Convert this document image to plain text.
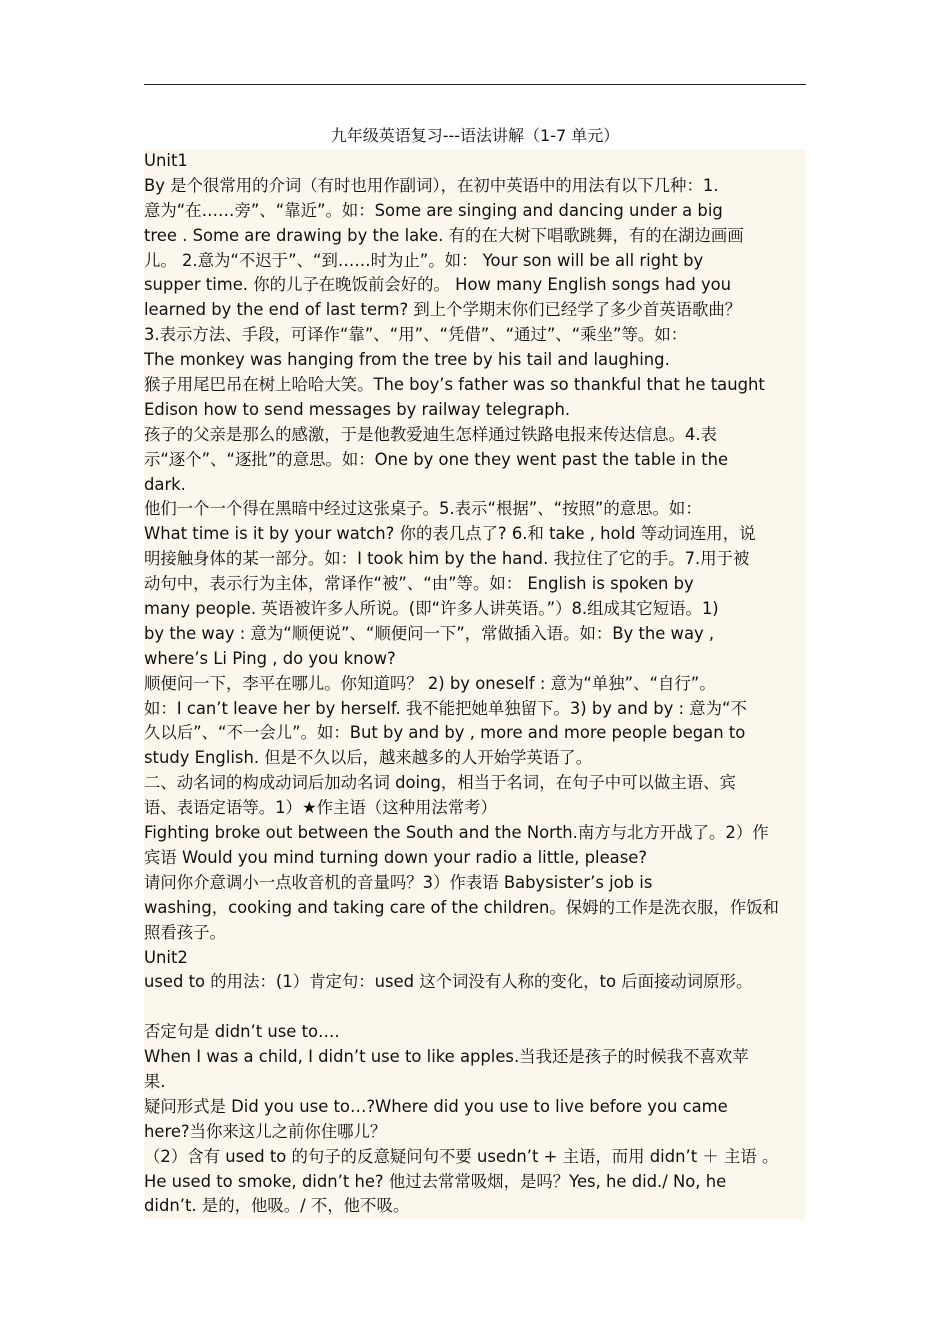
九年级英语复习---语法讲解（1-7 单元）
Unit1
By 是个很常用的介词（有时也用作副词），在初中英语中的用法有以下几种：1.
意为“在……旁”、“靠近”。如：Some are singing and dancing under a big
tree . Some are drawing by the lake. 有的在大树下唱歌跳舞，有的在湖边画画
儿。 2.意为“不迟于”、“到……时为止”。如： Your son will be all right by
supper time. 你的儿子在晚饭前会好的。 How many English songs had you
learned by the end of last term? 到上个学期末你们已经学了多少首英语歌曲？
3.表示方法、手段，可译作“靠”、“用”、“凭借”、“通过”、“乘坐”等。如：
The monkey was hanging from the tree by his tail and laughing.
猴子用尾巴吊在树上哈哈大笑。The boy’s father was so thankful that he taught
Edison how to send messages by railway telegraph.
孩子的父亲是那么的感激，于是他教爱迪生怎样通过铁路电报来传达信息。4.表
示“逐个”、“逐批”的意思。如：One by one they went past the table in the
dark.
他们一个一个得在黑暗中经过这张桌子。5.表示“根据”、“按照”的意思。如：
What time is it by your watch? 你的表几点了? 6.和 take , hold 等动词连用，说
明接触身体的某一部分。如：I took him by the hand. 我拉住了它的手。7.用于被
动句中，表示行为主体，常译作“被”、“由”等。如： English is spoken by
many people. 英语被许多人所说。(即“许多人讲英语。”）8.组成其它短语。1)
by the way : 意为“顺便说”、“顺便问一下”，常做插入语。如：By the way ,
where’s Li Ping , do you know?
顺便问一下，李平在哪儿。你知道吗？ 2) by oneself : 意为“单独”、“自行”。
如：I can’t leave her by herself. 我不能把她单独留下。3) by and by : 意为“不
久以后”、“不一会儿”。如：But by and by , more and more people began to
study English. 但是不久以后，越来越多的人开始学英语了。
二、动名词的构成动词后加动名词 doing，相当于名词，在句子中可以做主语、宾
语、表语定语等。1）★作主语（这种用法常考）
Fighting broke out between the South and the North.南方与北方开战了。2）作
宾语 Would you mind turning down your radio a little, please?
请问你介意调小一点收音机的音量吗？3）作表语 Babysister’s job is
washing，cooking and taking care of the children。保姆的工作是洗衣服，作饭和
照看孩子。
Unit2
used to 的用法：(1）肯定句：used 这个词没有人称的变化，to 后面接动词原形。
否定句是 didn’t use to….
When I was a child, I didn’t use to like apples.当我还是孩子的时候我不喜欢苹
果.
疑问形式是 Did you use to…?Where did you use to live before you came
here?当你来这儿之前你住哪儿？
（2）含有 used to 的句子的反意疑问句不要 usedn’t + 主语，而用 didn’t ＋ 主语 。
He used to smoke, didn’t he? 他过去常常吸烟，是吗？Yes, he did./ No, he
didn’t. 是的，他吸。/ 不，他不吸。
